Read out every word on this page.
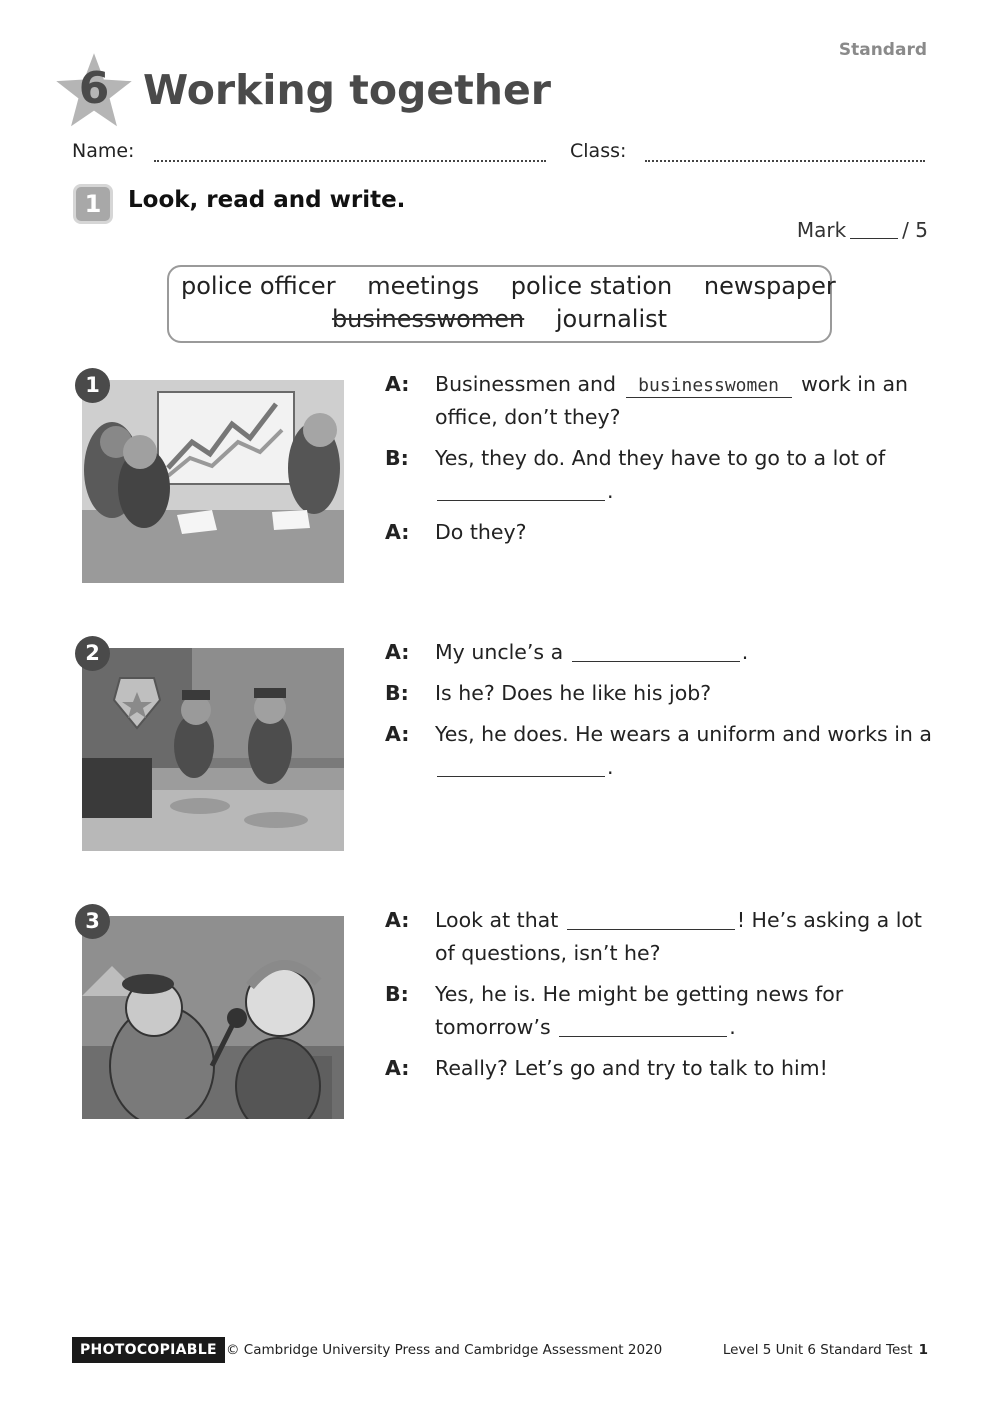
Standard
6 Working together
Name:	Class:
1	Look, read and write.
Mark	/ 5
police officer meetings police station newspaper
businesswomen journalist
1	A: Businessmen and businesswomen work in an office, don’t they?
B: Yes, they do. And they have to go to a lot of .
A: Do they?
2	A: My uncle’s a	.
B: Is he? Does he like his job?
A: Yes, he does. He wears a uniform and works in a .
3	A: Look at that	! He’s asking a lot of questions, isn’t he?
B: Yes, he is. He might be getting news for tomorrow’s	.
A: Really? Let’s go and try to talk to him!
PHOTOCOPIABLE © Cambridge University Press and Cambridge Assessment 2020	Level 5 Unit 6 Standard Test 1
